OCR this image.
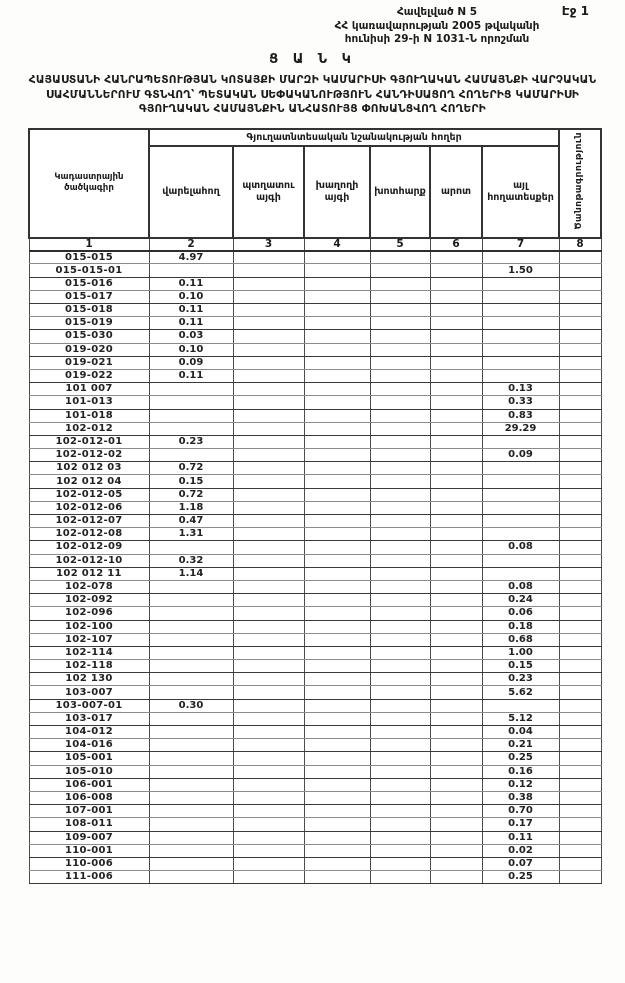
Էջ 1
Հավելված N 5
ՀՀ կառավարության 2005 թվականի
հունիսի 29-ի N 1031-Ն որոշման
Ց Ա Ն Կ
ՀԱՅԱՍՏԱՆԻ ՀԱՆՐԱՊԵՏՈՒԹՅԱՆ ԿՈՏԱՅՔԻ ՄԱՐԶԻ ԿԱՄԱՐԻՍԻ ԳՅՈՒՂԱԿԱՆ ՀԱՄԱՅՆՔԻ ՎԱՐՉԱԿԱՆ ՍԱՀՄԱՆՆԵՐՈՒՄ ԳՏՆՎՈՂ՝ ՊԵՏԱԿԱՆ ՍԵՓԱԿԱՆՈՒԹՅՈՒՆ ՀԱՆԴԻՍԱՑՈՂ ՀՈՂԵՐԻՑ ԿԱՄԱՐԻՍԻ ԳՅՈՒՂԱԿԱՆ ՀԱՄԱՅՆՔԻՆ ԱՆՀԱՏՈՒՅՑ ՓՈԽԱՆՑՎՈՂ ՀՈՂԵՐԻ
Կադաստրային ծածկագիր	Գյուղատնտեսական նշանակության հողեր						Ծանոթագրություն
	վարելահող	պտղատու այգի	խաղողի այգի	խոտհարք	արոտ	այլ հողատեսքեր	
1	2	3	4	5	6	7	8
015-015	4.97						
015-015-01						1.50	
015-016	0.11						
015-017	0.10						
015-018	0.11						
015-019	0.11						
015-030	0.03						
019-020	0.10						
019-021	0.09						
019-022	0.11						
101 007						0.13	
101-013						0.33	
101-018						0.83	
102-012						29.29	
102-012-01	0.23						
102-012-02						0.09	
102 012 03	0.72						
102 012 04	0.15						
102-012-05	0.72						
102-012-06	1.18						
102-012-07	0.47						
102-012-08	1.31						
102-012-09						0.08	
102-012-10	0.32						
102 012 11	1.14						
102-078						0.08	
102-092						0.24	
102-096						0.06	
102-100						0.18	
102-107						0.68	
102-114						1.00	
102-118						0.15	
102 130						0.23	
103-007						5.62	
103-007-01	0.30						
103-017						5.12	
104-012						0.04	
104-016						0.21	
105-001						0.25	
105-010						0.16	
106-001						0.12	
106-008						0.38	
107-001						0.70	
108-011						0.17	
109-007						0.11	
110-001						0.02	
110-006						0.07	
111-006						0.25	
